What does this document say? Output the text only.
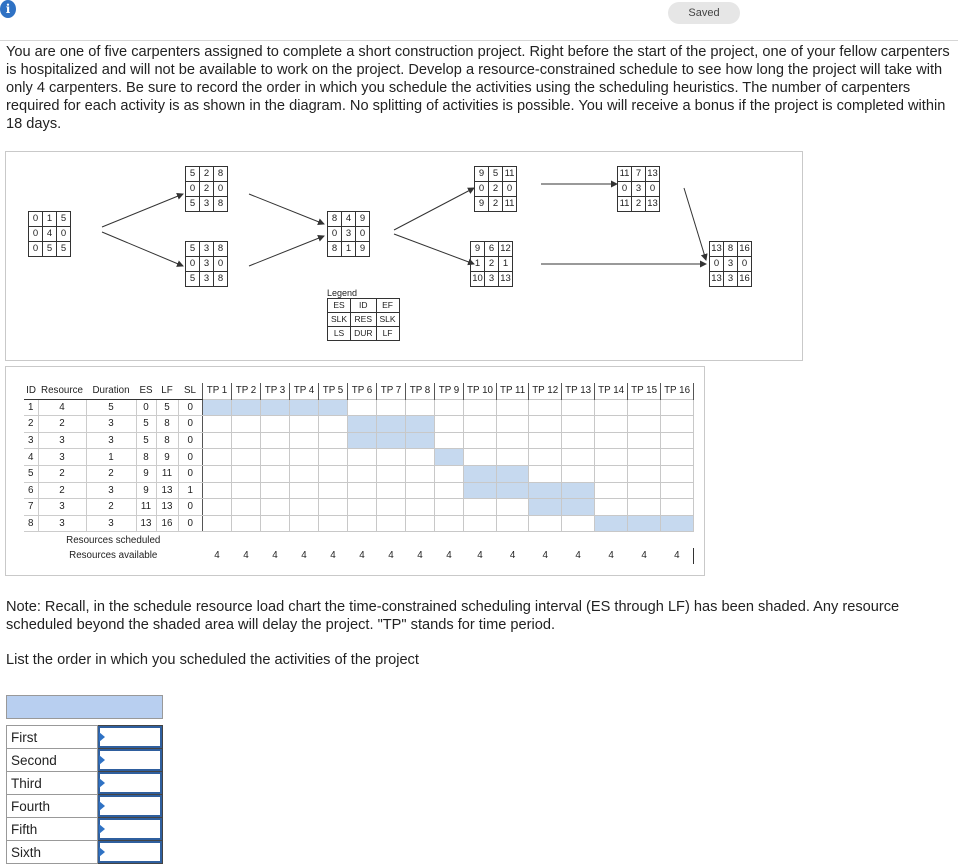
i	Saved
You are one of five carpenters assigned to complete a short construction project. Right before the start of the project, one of your fellow carpenters is hospitalized and will not be available to work on the project. Develop a resource-constrained schedule to see how long the project will take with only 4 carpenters. Be sure to record the order in which you schedule the activities using the scheduling heuristics. The number of carpenters required for each activity is as shown in the diagram. No splitting of activities is possible. You will receive a bonus if the project is completed within 18 days.
0	1	5
0	4	0
0	5	5
5	2	8
0	2	0
5	3	8
5	3	8
0	3	0
5	3	8
8	4	9
0	3	0
8	1	9
9	5	11
0	2	0
9	2	11
9	6	12
1	2	1
10	3	13
11	7	13
0	3	0
11	2	13
13	8	16
0	3	0
13	3	16
Legend
ES	ID	EF
SLK	RES	SLK
LS	DUR	LF
ID	Resource	Duration	ES	LF	SL	TP 1	TP 2	TP 3	TP 4	TP 5	TP 6	TP 7	TP 8	TP 9	TP 10	TP 11	TP 12	TP 13	TP 14	TP 15	TP 16
1	4	5	0	5	0																
2	2	3	5	8	0																
3	3	3	5	8	0																
4	3	1	8	9	0																
5	2	2	9	11	0																
6	2	3	9	13	1																
7	3	2	11	13	0																
8	3	3	13	16	0																
Resources scheduled																					
Resources available						4	4	4	4	4	4	4	4	4	4	4	4	4	4	4	4
Note: Recall, in the schedule resource load chart the time-constrained scheduling interval (ES through LF) has been shaded. Any resource scheduled beyond the shaded area will delay the project. "TP" stands for time period.
List the order in which you scheduled the activities of the project

First	

Second	

Third	

Fourth	

Fifth	

Sixth	
